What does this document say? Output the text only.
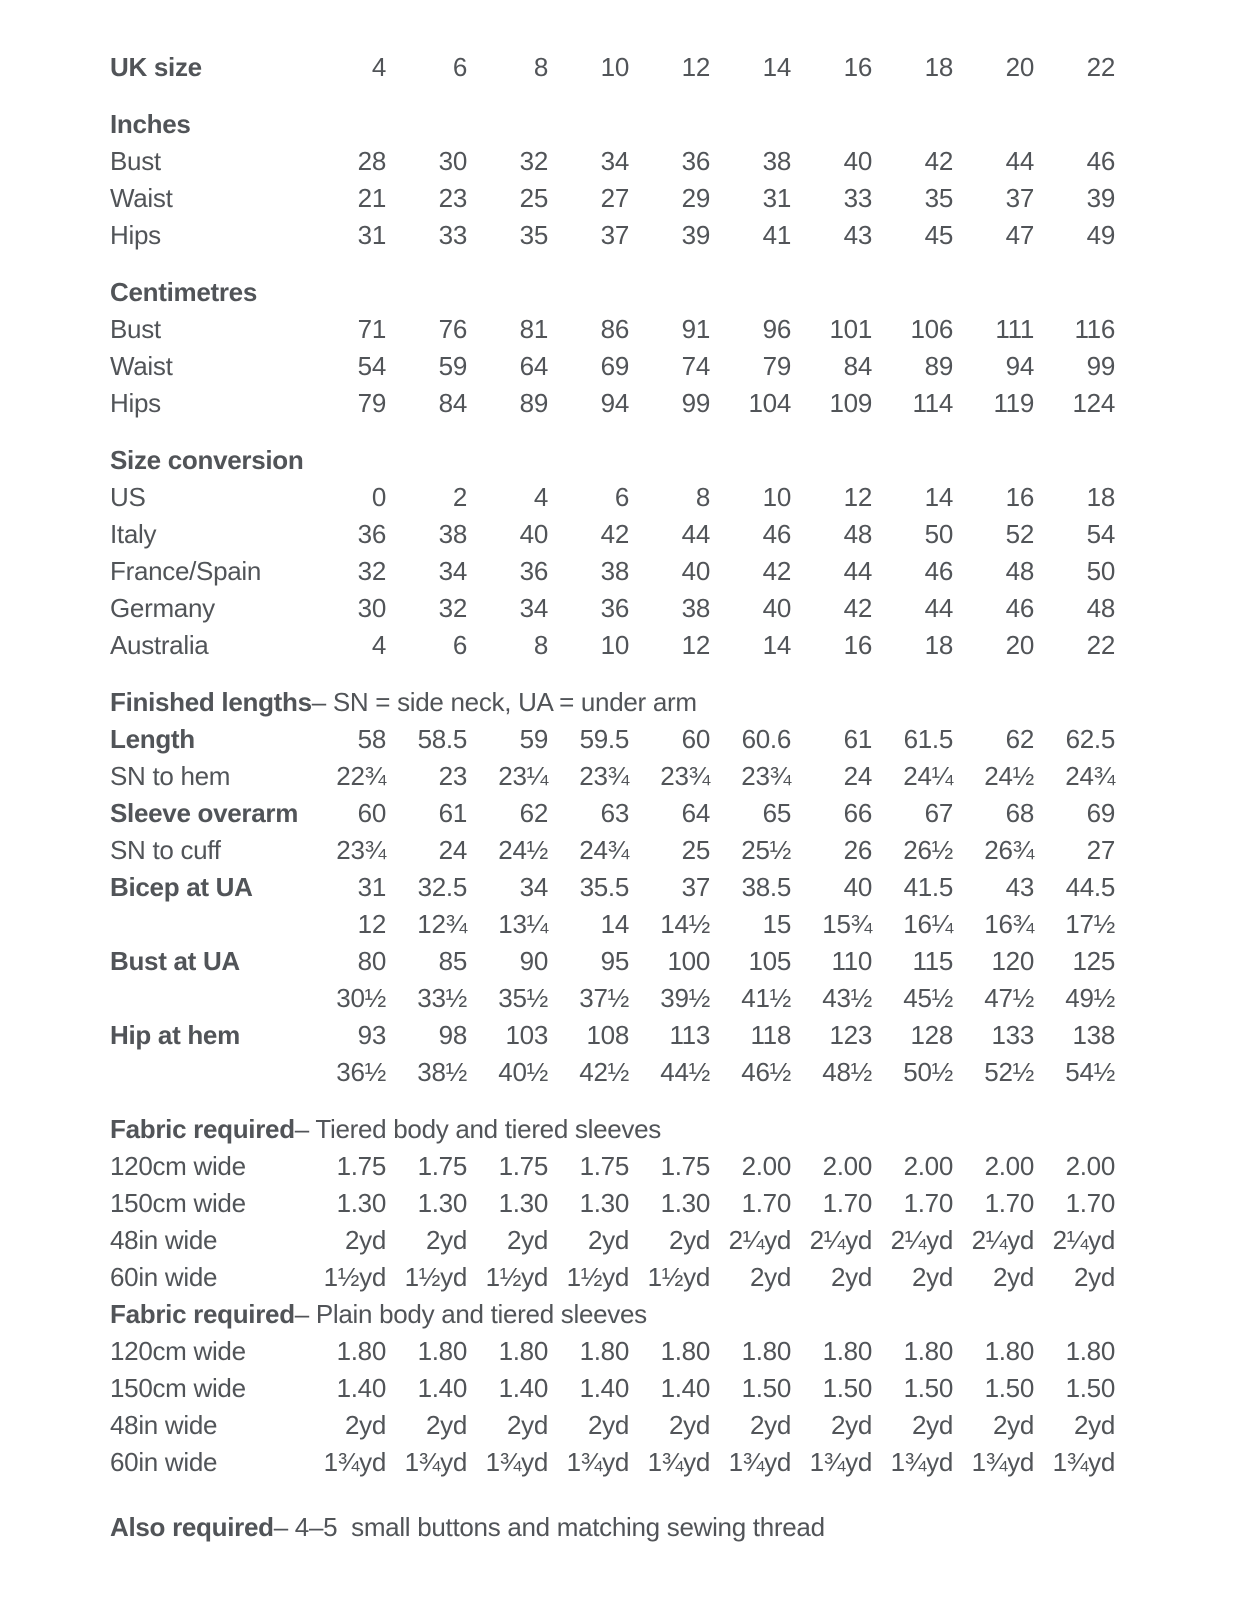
UK size	4	6	8	10	12	14	16	18	20	22
Inches
Bust	28	30	32	34	36	38	40	42	44	46
Waist	21	23	25	27	29	31	33	35	37	39
Hips	31	33	35	37	39	41	43	45	47	49
Centimetres
Bust	71	76	81	86	91	96	101	106	111	116
Waist	54	59	64	69	74	79	84	89	94	99
Hips	79	84	89	94	99	104	109	114	119	124
Size conversion
US	0	2	4	6	8	10	12	14	16	18
Italy	36	38	40	42	44	46	48	50	52	54
France/Spain	32	34	36	38	40	42	44	46	48	50
Germany	30	32	34	36	38	40	42	44	46	48
Australia	4	6	8	10	12	14	16	18	20	22
Finished lengths – SN = side neck, UA = under arm
Length	58	58.5	59	59.5	60	60.6	61	61.5	62	62.5
SN to hem	22¾	23	23¼	23¾	23¾	23¾	24	24¼	24½	24¾
Sleeve overarm	60	61	62	63	64	65	66	67	68	69
SN to cuff	23¾	24	24½	24¾	25	25½	26	26½	26¾	27
Bicep at UA	31	32.5	34	35.5	37	38.5	40	41.5	43	44.5
12	12¾	13¼	14	14½	15	15¾	16¼	16¾	17½
Bust at UA	80	85	90	95	100	105	110	115	120	125
30½	33½	35½	37½	39½	41½	43½	45½	47½	49½
Hip at hem	93	98	103	108	113	118	123	128	133	138
36½	38½	40½	42½	44½	46½	48½	50½	52½	54½
Fabric required – Tiered body and tiered sleeves
120cm wide	1.75	1.75	1.75	1.75	1.75	2.00	2.00	2.00	2.00	2.00
150cm wide	1.30	1.30	1.30	1.30	1.30	1.70	1.70	1.70	1.70	1.70
48in wide	2yd	2yd	2yd	2yd	2yd 2¼yd 2¼yd 2¼yd 2¼yd 2¼yd
60in wide	1½yd 1½yd 1½yd 1½yd 1½yd	2yd	2yd	2yd	2yd	2yd
Fabric required – Plain body and tiered sleeves
120cm wide	1.80	1.80	1.80	1.80	1.80	1.80	1.80	1.80	1.80	1.80
150cm wide	1.40	1.40	1.40	1.40	1.40	1.50	1.50	1.50	1.50	1.50
48in wide	2yd	2yd	2yd	2yd	2yd	2yd	2yd	2yd	2yd	2yd
60in wide	1¾yd 1¾yd 1¾yd 1¾yd 1¾yd 1¾yd 1¾yd 1¾yd 1¾yd 1¾yd
Also required – 4–5  small buttons and matching sewing thread
